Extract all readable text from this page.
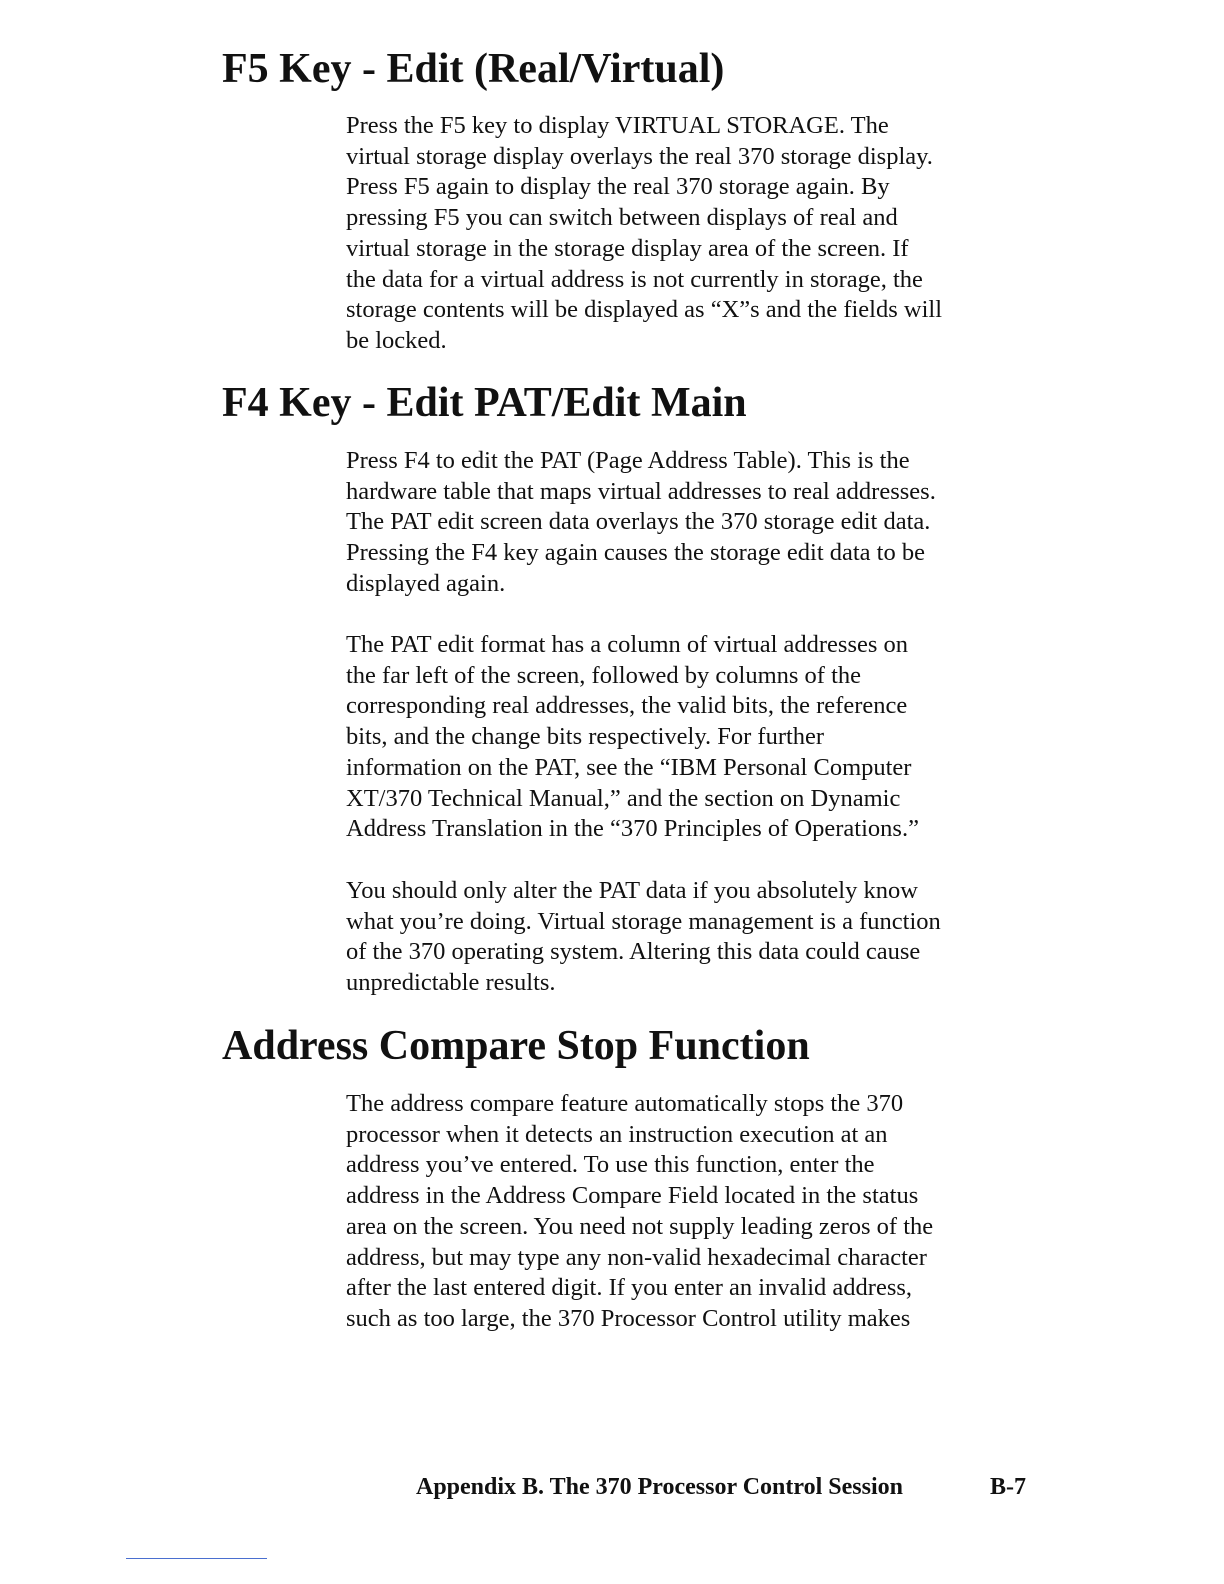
F5 Key - Edit (Real/Virtual)

Press the F5 key to display VIRTUAL STORAGE. The
virtual storage display overlays the real 370 storage display.
Press F5 again to display the real 370 storage again. By
pressing F5 you can switch between displays of real and
virtual storage in the storage display area of the screen. If
the data for a virtual address is not currently in storage, the
storage contents will be displayed as “X”s and the fields will
be locked.

F4 Key - Edit PAT/Edit Main

Press F4 to edit the PAT (Page Address Table). This is the
hardware table that maps virtual addresses to real addresses.
The PAT edit screen data overlays the 370 storage edit data.
Pressing the F4 key again causes the storage edit data to be
displayed again.

The PAT edit format has a column of virtual addresses on
the far left of the screen, followed by columns of the
corresponding real addresses, the valid bits, the reference
bits, and the change bits respectively. For further
information on the PAT, see the “IBM Personal Computer
XT/370 Technical Manual,” and the section on Dynamic
Address Translation in the “370 Principles of Operations.”

You should only alter the PAT data if you absolutely know
what you’re doing. Virtual storage management is a function
of the 370 operating system. Altering this data could cause
unpredictable results.

Address Compare Stop Function

The address compare feature automatically stops the 370
processor when it detects an instruction execution at an
address you’ve entered. To use this function, enter the
address in the Address Compare Field located in the status
area on the screen. You need not supply leading zeros of the
address, but may type any non-valid hexadecimal character
after the last entered digit. If you enter an invalid address,
such as too large, the 370 Processor Control utility makes

Appendix B. The 370 Processor Control Session	B-7
